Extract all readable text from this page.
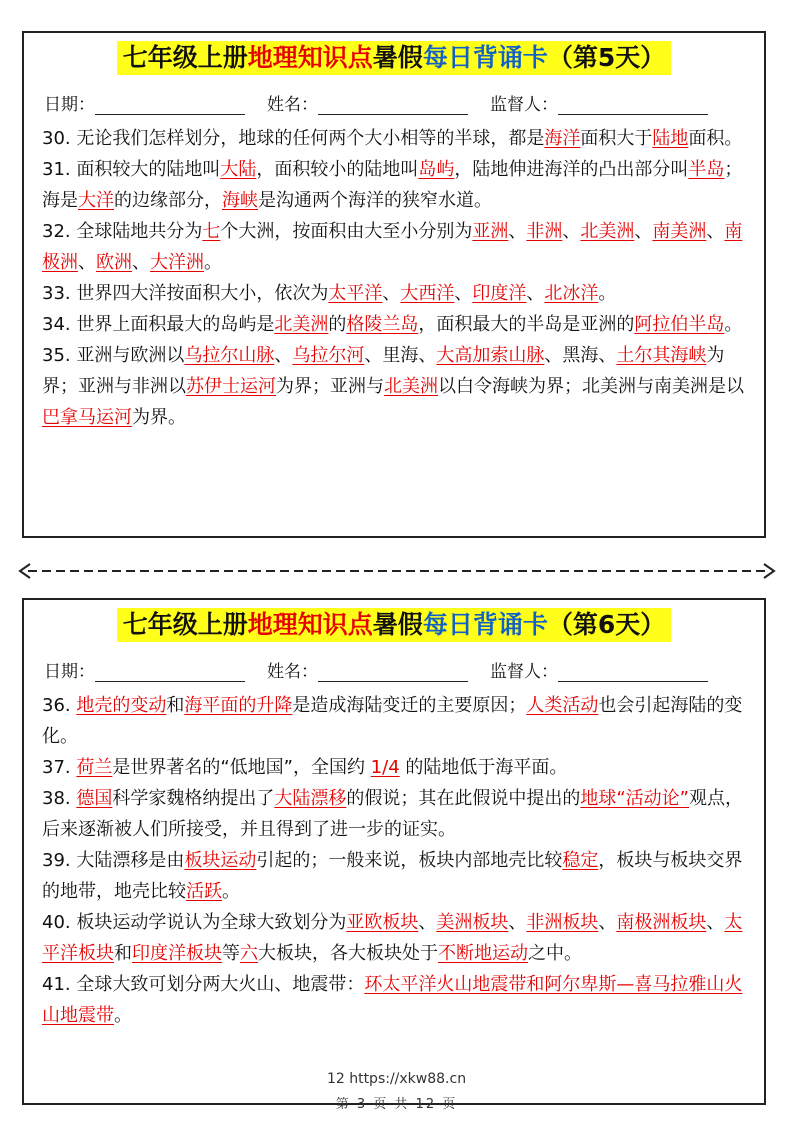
七年级上册地理知识点暑假每日背诵卡（第5天）
日期：	姓名：	监督人：

30. 无论我们怎样划分，地球的任何两个大小相等的半球，都是海洋面积大于陆地面积。

31. 面积较大的陆地叫大陆，面积较小的陆地叫岛屿，陆地伸进海洋的凸出部分叫半岛；海是大洋的边缘部分，海峡是沟通两个海洋的狭窄水道。

32. 全球陆地共分为七个大洲，按面积由大至小分别为亚洲、非洲、北美洲、南美洲、南极洲、欧洲、大洋洲。

33. 世界四大洋按面积大小，依次为太平洋、大西洋、印度洋、北冰洋。

34. 世界上面积最大的岛屿是北美洲的格陵兰岛，面积最大的半岛是亚洲的阿拉伯半岛。

35. 亚洲与欧洲以乌拉尔山脉、乌拉尔河、里海、大高加索山脉、黑海、土尔其海峡为界；亚洲与非洲以苏伊士运河为界；亚洲与北美洲以白令海峡为界；北美洲与南美洲是以巴拿马运河为界。

七年级上册地理知识点暑假每日背诵卡（第6天）
日期：	姓名：	监督人：

36. 地壳的变动和海平面的升降是造成海陆变迁的主要原因；人类活动也会引起海陆的变化。

37. 荷兰是世界著名的“低地国”，全国约 1/4 的陆地低于海平面。

38. 德国科学家魏格纳提出了大陆漂移的假说；其在此假说中提出的地球“活动论”观点，后来逐渐被人们所接受，并且得到了进一步的证实。

39. 大陆漂移是由板块运动引起的；一般来说，板块内部地壳比较稳定，板块与板块交界的地带，地壳比较活跃。

40. 板块运动学说认为全球大致划分为亚欧板块、美洲板块、非洲板块、南极洲板块、太平洋板块和印度洋板块等六大板块，各大板块处于不断地运动之中。

41. 全球大致可划分两大火山、地震带：环太平洋火山地震带和阿尔卑斯—喜马拉雅山火山地震带。

12 https://xkw88.cn
第 3 页 共 12 页
